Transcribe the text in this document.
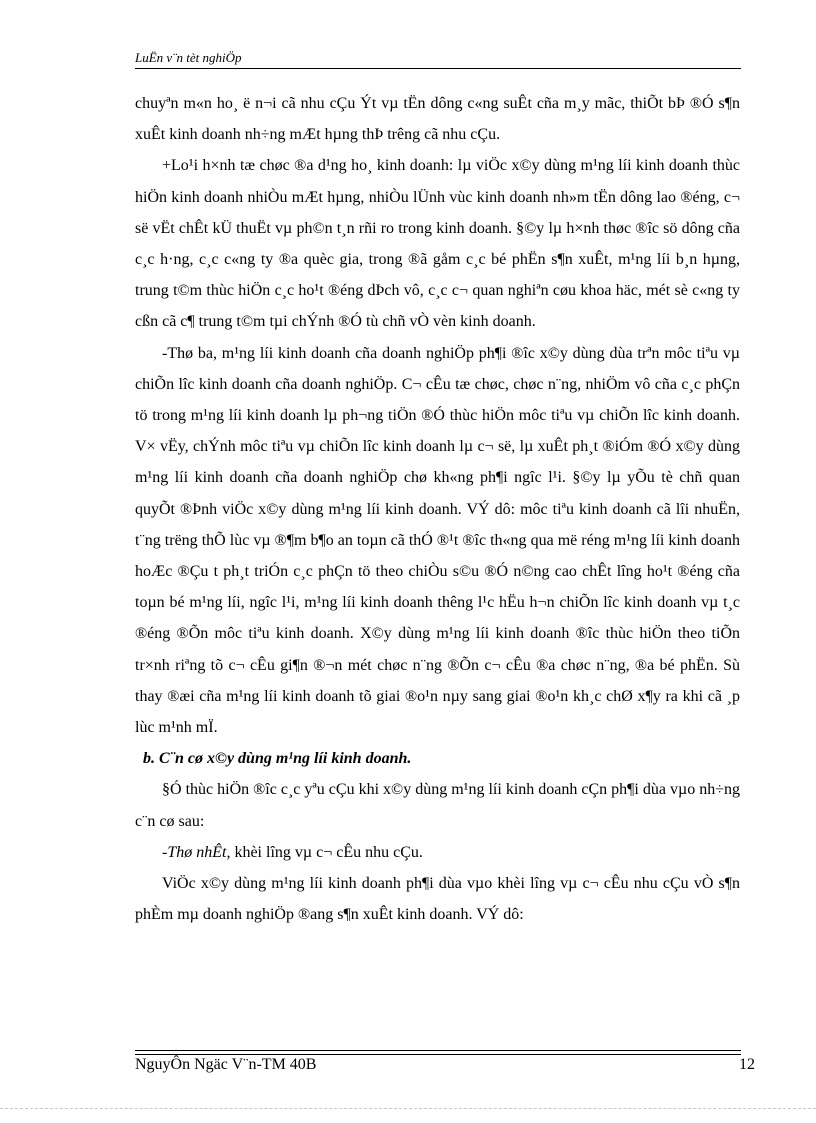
LuËn v¨n tèt nghiÖp

chuyªn m«n ho¸ ë n¬i cã nhu cÇu Ýt vµ tËn dông c«ng suÊt cña m¸y mãc, thiÕt bÞ ®Ó s¶n xuÊt kinh doanh nh÷ng mÆt hµng thÞ trêng cã nhu cÇu.

+Lo¹i h×nh tæ chøc ®a d¹ng ho¸ kinh doanh: lµ viÖc x©y dùng m¹ng líi kinh doanh thùc hiÖn kinh doanh nhiÒu mÆt hµng, nhiÒu lÜnh vùc kinh doanh nh»m tËn dông lao ®éng, c¬ së vËt chÊt kÜ thuËt vµ ph©n t¸n rñi ro trong kinh doanh. §©y lµ h×nh thøc ®îc sö dông cña c¸c h·ng, c¸c c«ng ty ®a quèc gia, trong ®ã gåm c¸c bé phËn s¶n xuÊt, m¹ng líi b¸n hµng, trung t©m thùc hiÖn c¸c ho¹t ®éng dÞch vô, c¸c c¬ quan nghiªn cøu khoa häc, mét sè c«ng ty cßn cã c¶ trung t©m tµi chÝnh ®Ó tù chñ vÒ vèn kinh doanh.

-Thø ba, m¹ng líi kinh doanh cña doanh nghiÖp ph¶i ®îc x©y dùng dùa trªn môc tiªu vµ chiÕn lîc kinh doanh cña doanh nghiÖp. C¬ cÊu tæ chøc, chøc n¨ng, nhiÖm vô cña c¸c phÇn tö trong m¹ng líi kinh doanh lµ ph¬ng tiÖn ®Ó thùc hiÖn môc tiªu vµ chiÕn lîc kinh doanh. V× vËy, chÝnh môc tiªu vµ chiÕn lîc kinh doanh lµ c¬ së, lµ xuÊt ph¸t ®iÓm ®Ó x©y dùng m¹ng líi kinh doanh cña doanh nghiÖp chø kh«ng ph¶i ngîc l¹i. §©y lµ yÕu tè chñ quan quyÕt ®Þnh viÖc x©y dùng m¹ng líi kinh doanh. VÝ dô: môc tiªu kinh doanh cã lîi nhuËn, t¨ng trëng thÕ lùc vµ ®¶m b¶o an toµn cã thÓ ®¹t ®îc th«ng qua më réng m¹ng líi kinh doanh hoÆc ®Çu t ph¸t triÓn c¸c phÇn tö theo chiÒu s©u ®Ó n©ng cao chÊt lîng ho¹t ®éng cña toµn bé m¹ng líi, ngîc l¹i, m¹ng líi kinh doanh thêng l¹c hËu h¬n chiÕn lîc kinh doanh vµ t¸c ®éng ®Õn môc tiªu kinh doanh. X©y dùng m¹ng líi kinh doanh ®îc thùc hiÖn theo tiÕn tr×nh riªng tõ c¬ cÊu gi¶n ®¬n mét chøc n¨ng ®Õn c¬ cÊu ®a chøc n¨ng, ®a bé phËn. Sù thay ®æi cña m¹ng líi kinh doanh tõ giai ®o¹n nµy sang giai ®o¹n kh¸c chØ x¶y ra khi cã ¸p lùc m¹nh mÏ.

b. C¨n cø x©y dùng m¹ng líi kinh doanh.

§Ó thùc hiÖn ®îc c¸c yªu cÇu khi x©y dùng m¹ng líi kinh doanh cÇn ph¶i dùa vµo nh÷ng c¨n cø sau:

-Thø nhÊt, khèi lîng vµ c¬ cÊu nhu cÇu.

ViÖc x©y dùng m¹ng líi kinh doanh ph¶i dùa vµo khèi lîng vµ c¬ cÊu nhu cÇu vÒ s¶n phÈm mµ doanh nghiÖp ®ang s¶n xuÊt kinh doanh. VÝ dô:

NguyÔn Ngäc V¨n-TM 40B	12
